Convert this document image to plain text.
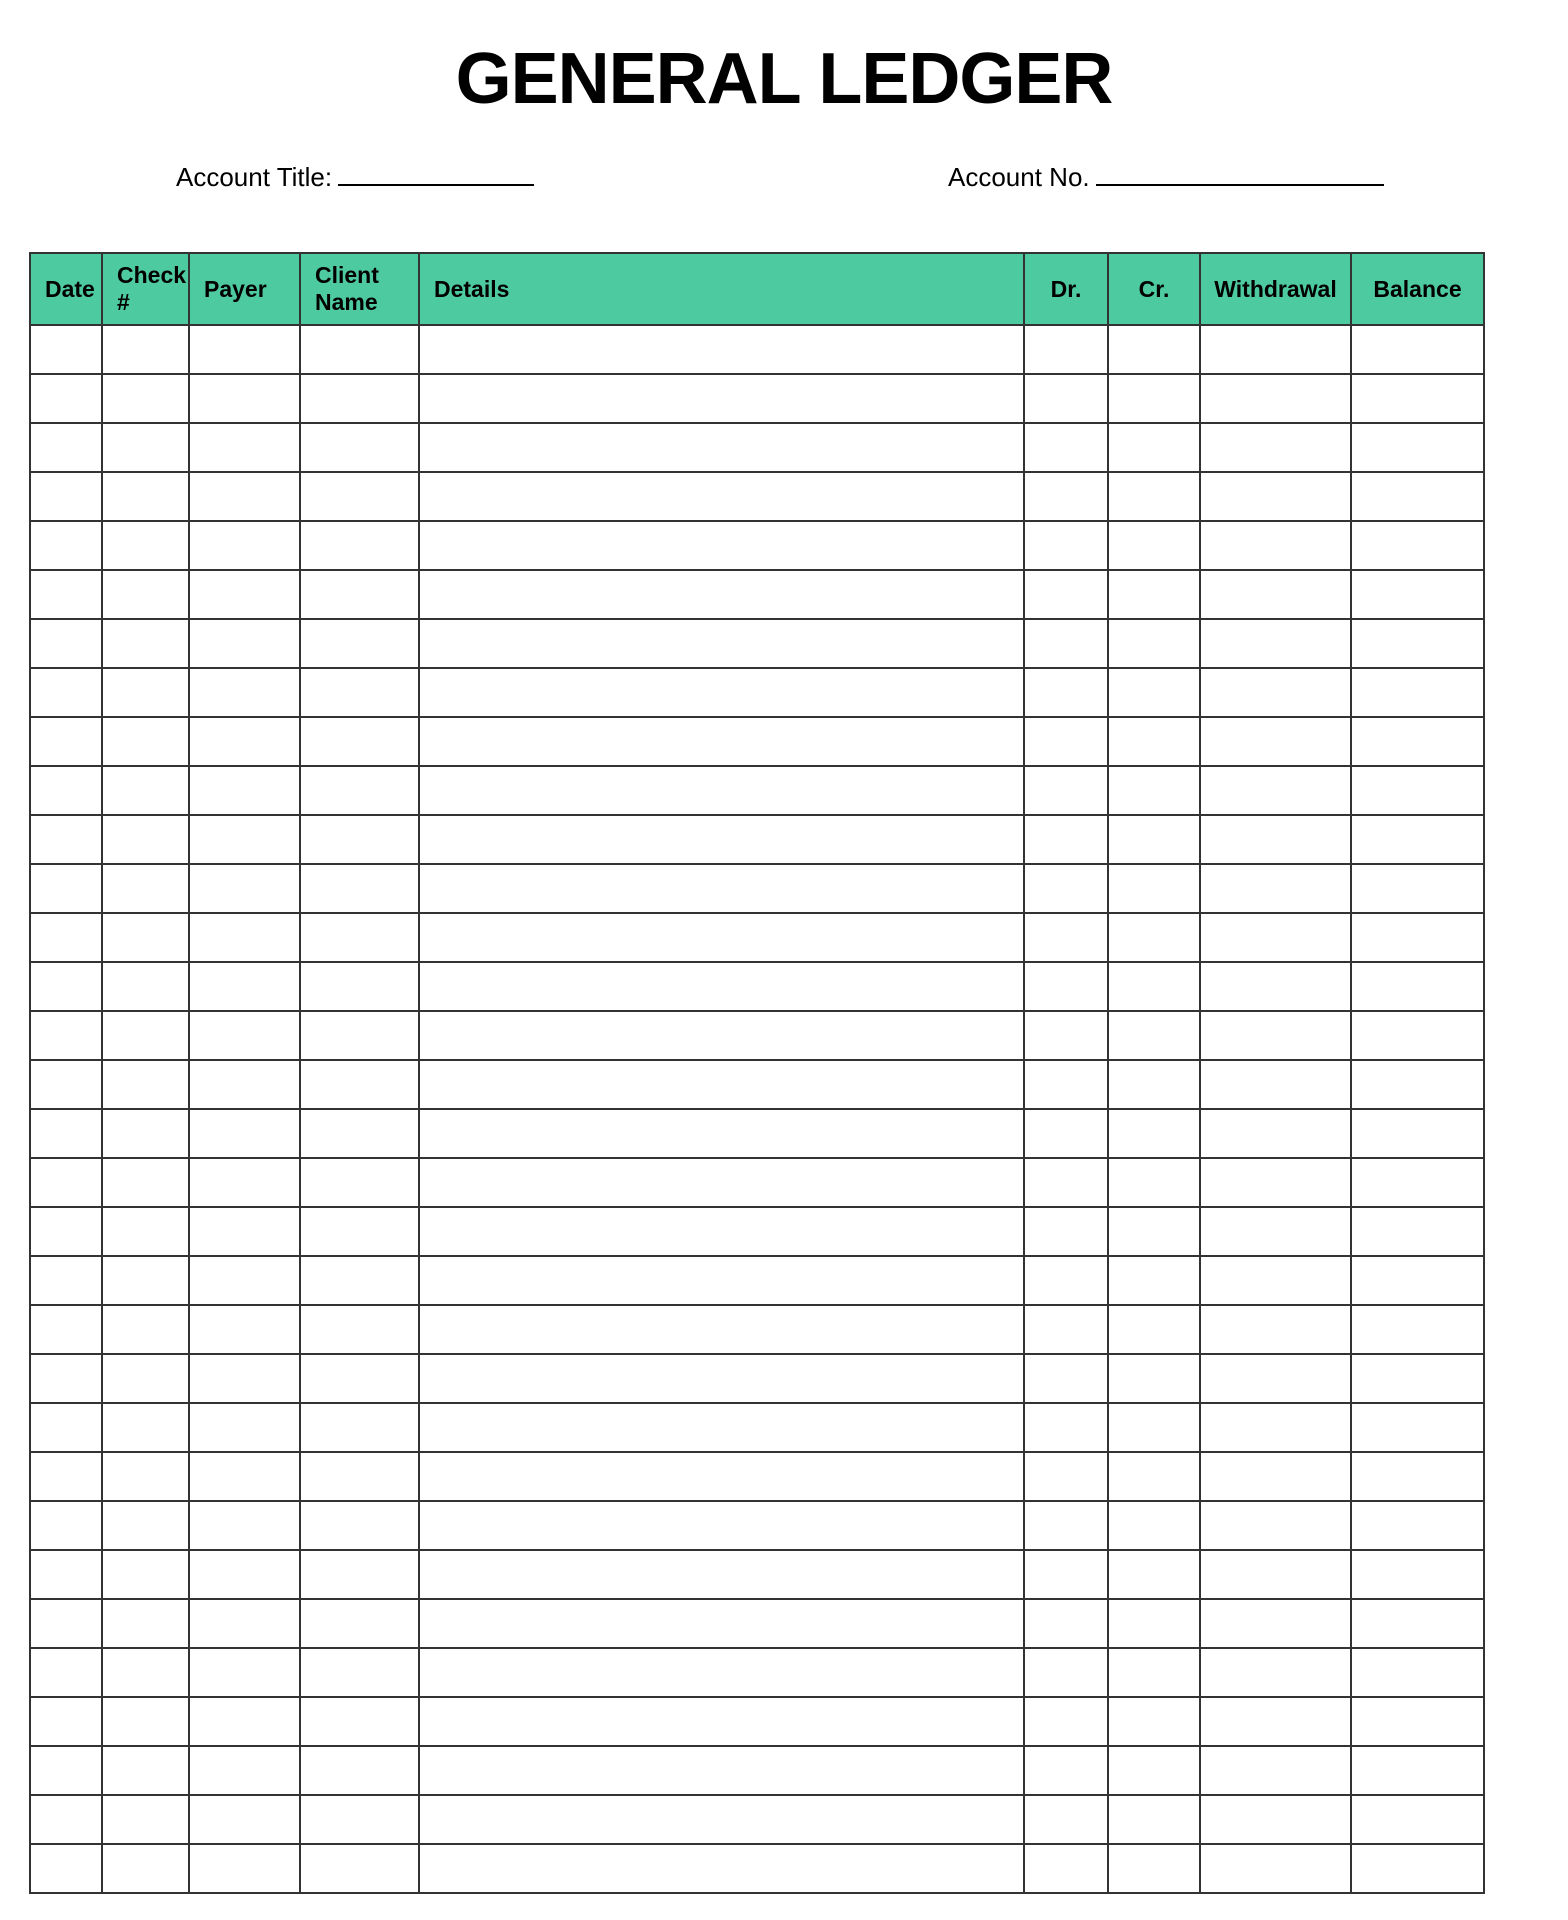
GENERAL LEDGER
Account Title:	Account No.
Date	Check #	Payer	Client Name	Details	Dr.	Cr.	Withdrawal	Balance
